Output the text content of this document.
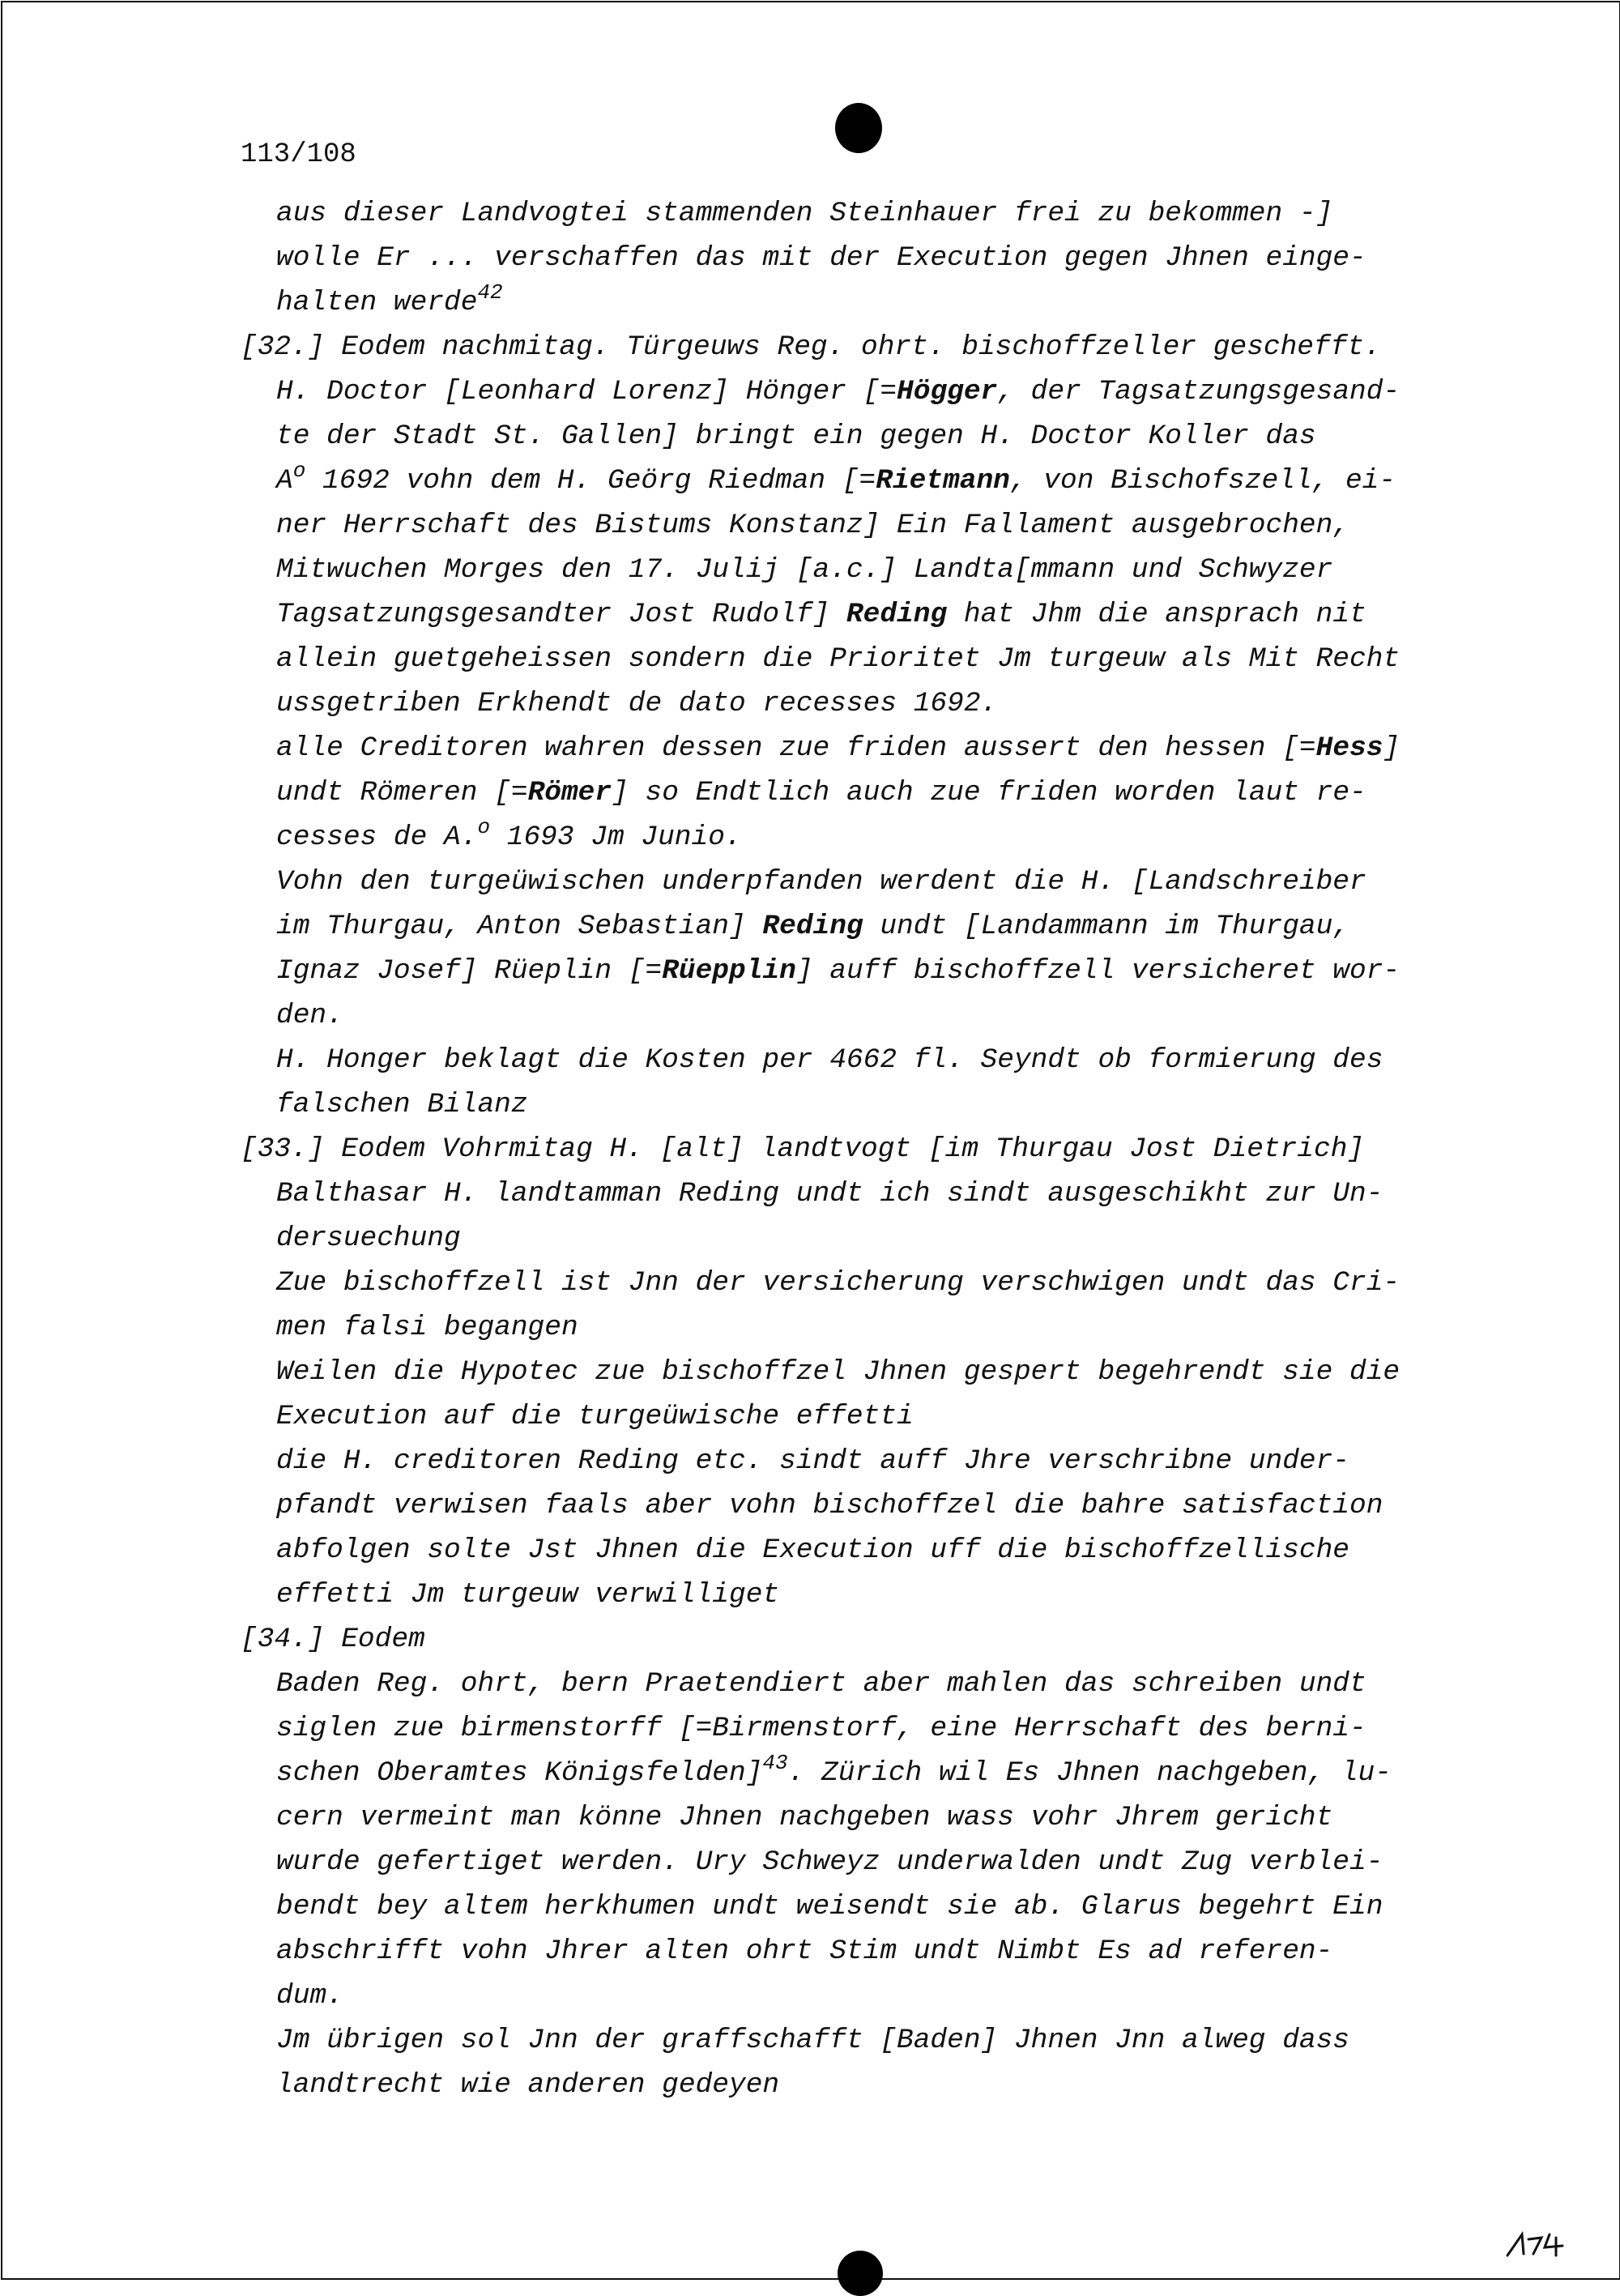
113/108
aus dieser Landvogtei stammenden Steinhauer frei zu bekommen -]
wolle Er ... verschaffen das mit der Execution gegen Jhnen einge-
halten werde$^{42}$
[32.] Eodem nachmitag. Türgeuws Reg. ohrt. bischoffzeller geschefft.
H. Doctor [Leonhard Lorenz] Hönger [=Högger, der Tagsatzungsgesand-
te der Stadt St. Gallen] bringt ein gegen H. Doctor Koller das
$A^o$ 1692 vohn dem H. Geörg Riedman [=Rietmann, von Bischofszell, ei-
ner Herrschaft des Bistums Konstanz] Ein Fallament ausgebrochen,
Mitwuchen Morges den 17. Julij [a.c.] Landta[mmann und Schwyzer
Tagsatzungsgesandter Jost Rudolf] Reding hat Jhm die ansprach nit
allein guetgeheissen sondern die Prioritet Jm turgeuw als Mit Recht
ussgetriben Erkhendt de dato recesses 1692.
alle Creditoren wahren dessen zue friden aussert den hessen [=Hess]
undt Römeren [=Römer] so Endtlich auch zue friden worden laut re-
cesses de A.$^o$ 1693 Jm Junio.
Vohn den turgeüwischen underpfanden werdent die H. [Landschreiber
im Thurgau, Anton Sebastian] Reding undt [Landammann im Thurgau,
Ignaz Josef] Rüeplin [=Rüepplin] auff bischoffzell versicheret wor-
den.
H. Honger beklagt die Kosten per 4662 fl. Seyndt ob formierung des
falschen Bilanz
[33.] Eodem Vohrmitag H. [alt] landtvogt [im Thurgau Jost Dietrich]
Balthasar H. landtamman Reding undt ich sindt ausgeschikht zur Un-
dersuechung
Zue bischoffzell ist Jnn der versicherung verschwigen undt das Cri-
men falsi begangen
Weilen die Hypotec zue bischoffzel Jhnen gespert begehrendt sie die
Execution auf die turgeüwische effetti
die H. creditoren Reding etc. sindt auff Jhre verschribne under-
pfandt verwisen faals aber vohn bischoffzel die bahre satisfaction
abfolgen solte Jst Jhnen die Execution uff die bischoffzellische
effetti Jm turgeuw verwilliget
[34.] Eodem
Baden Reg. ohrt, bern Praetendiert aber mahlen das schreiben undt
siglen zue birmenstorff [=Birmenstorf, eine Herrschaft des berni-
schen Oberamtes Königsfelden]$^{43}$. Zürich wil Es Jhnen nachgeben, lu-
cern vermeint man könne Jhnen nachgeben wass vohr Jhrem gericht
wurde gefertiget werden. Ury Schweyz underwalden undt Zug verblei-
bendt bey altem herkhumen undt weisendt sie ab. Glarus begehrt Ein
abschrifft vohn Jhrer alten ohrt Stim undt Nimbt Es ad referen-
dum.
Jm übrigen sol Jnn der graffschafft [Baden] Jhnen Jnn alweg dass
landtrecht wie anderen gedeyen
